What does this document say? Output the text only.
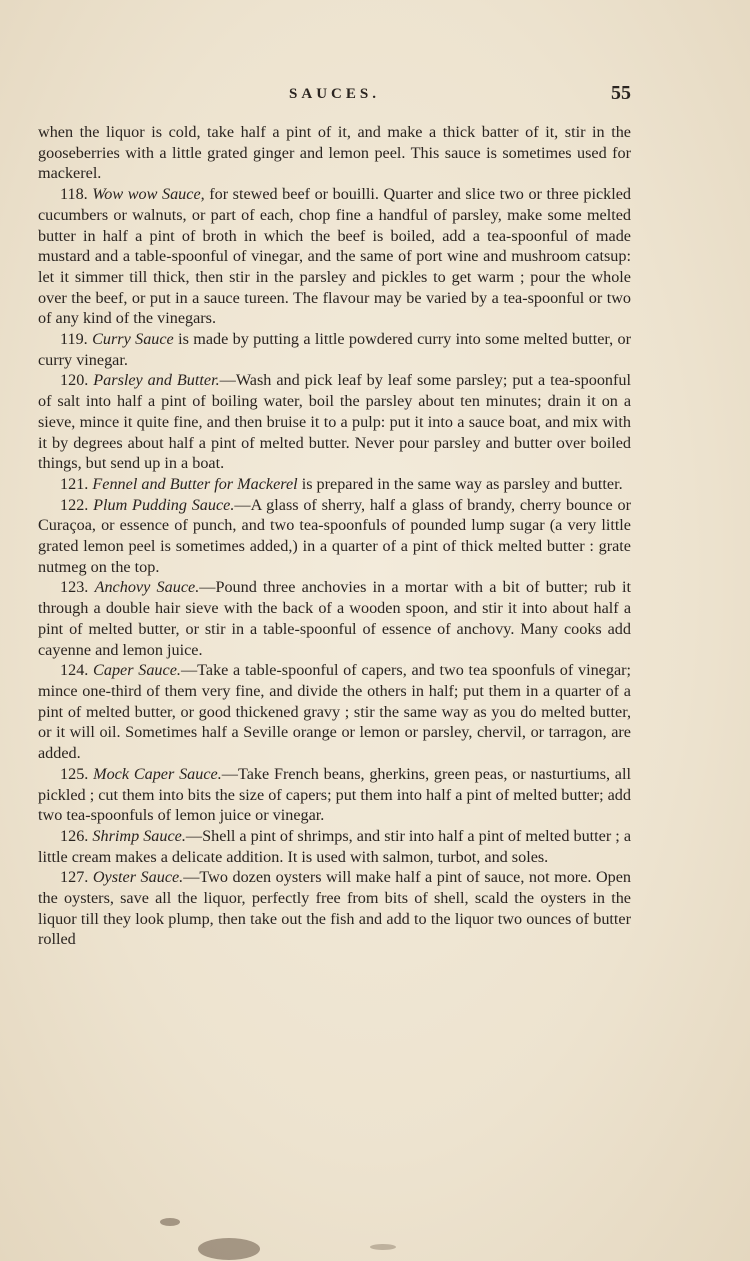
SAUCES.	55

when the liquor is cold, take half a pint of it, and make a thick batter of it, stir in the gooseberries with a little grated ginger and lemon peel. This sauce is sometimes used for mackerel.

118. Wow wow Sauce, for stewed beef or bouilli. Quarter and slice two or three pickled cucumbers or walnuts, or part of each, chop fine a handful of parsley, make some melted butter in half a pint of broth in which the beef is boiled, add a tea-spoonful of made mustard and a table-spoonful of vinegar, and the same of port wine and mushroom catsup: let it simmer till thick, then stir in the parsley and pickles to get warm ; pour the whole over the beef, or put in a sauce tureen. The flavour may be varied by a tea-spoonful or two of any kind of the vinegars.

119. Curry Sauce is made by putting a little powdered curry into some melted butter, or curry vinegar.

120. Parsley and Butter.—Wash and pick leaf by leaf some parsley; put a tea-spoonful of salt into half a pint of boiling water, boil the parsley about ten minutes; drain it on a sieve, mince it quite fine, and then bruise it to a pulp: put it into a sauce boat, and mix with it by degrees about half a pint of melted butter. Never pour parsley and butter over boiled things, but send up in a boat.

121. Fennel and Butter for Mackerel is prepared in the same way as parsley and butter.

122. Plum Pudding Sauce.—A glass of sherry, half a glass of brandy, cherry bounce or Curaçoa, or essence of punch, and two tea-spoonfuls of pounded lump sugar (a very little grated lemon peel is sometimes added,) in a quarter of a pint of thick melted butter : grate nutmeg on the top.

123. Anchovy Sauce.—Pound three anchovies in a mortar with a bit of butter; rub it through a double hair sieve with the back of a wooden spoon, and stir it into about half a pint of melted butter, or stir in a table-spoonful of essence of anchovy. Many cooks add cayenne and lemon juice.

124. Caper Sauce.—Take a table-spoonful of capers, and two tea spoonfuls of vinegar; mince one-third of them very fine, and divide the others in half; put them in a quarter of a pint of melted butter, or good thickened gravy ; stir the same way as you do melted butter, or it will oil. Sometimes half a Seville orange or lemon or parsley, chervil, or tarragon, are added.

125. Mock Caper Sauce.—Take French beans, gherkins, green peas, or nasturtiums, all pickled ; cut them into bits the size of capers; put them into half a pint of melted butter; add two tea-spoonfuls of lemon juice or vinegar.

126. Shrimp Sauce.—Shell a pint of shrimps, and stir into half a pint of melted butter ; a little cream makes a delicate addition. It is used with salmon, turbot, and soles.

127. Oyster Sauce.—Two dozen oysters will make half a pint of sauce, not more. Open the oysters, save all the liquor, perfectly free from bits of shell, scald the oysters in the liquor till they look plump, then take out the fish and add to the liquor two ounces of butter rolled
